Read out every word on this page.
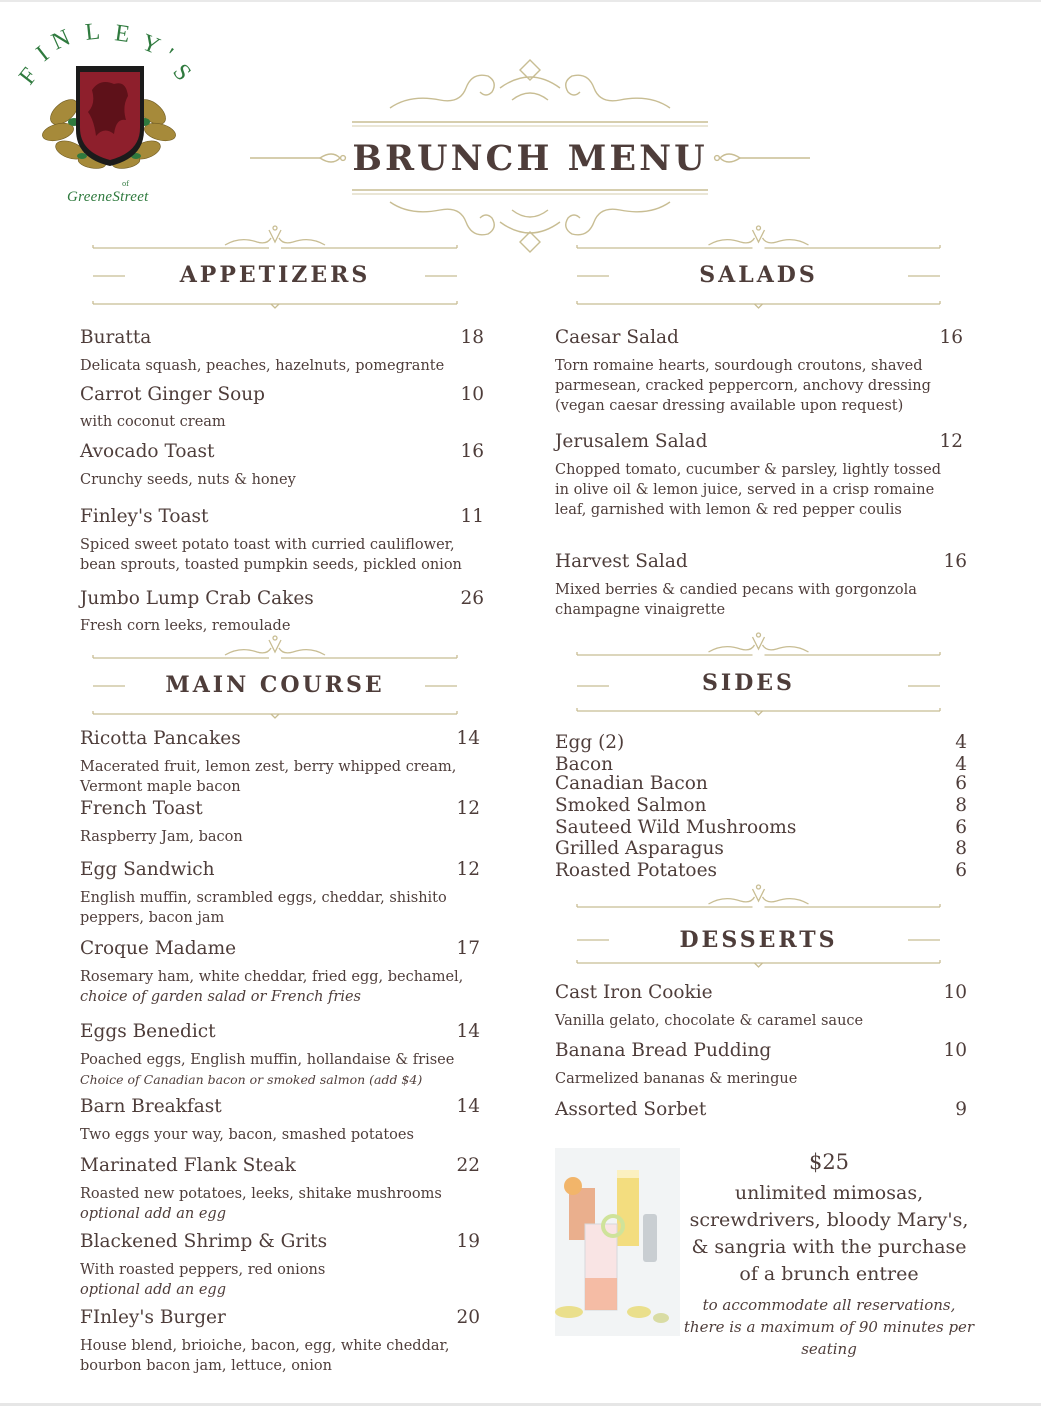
F
I
N L E Y
'
S
of
GreeneStreet
BRUNCH MENU
APPETIZERS
Buratta	18
Delicata squash, peaches, hazelnuts, pomegrante
Carrot Ginger Soup	10
with coconut cream
Avocado Toast	16
Crunchy seeds, nuts & honey
Finley's Toast	11
Spiced sweet potato toast with curried cauliflower, bean sprouts, toasted pumpkin seeds, pickled onion
Jumbo Lump Crab Cakes	26
Fresh corn leeks, remoulade
SALADS
Caesar Salad	16
Torn romaine hearts, sourdough croutons, shaved parmesean, cracked peppercorn, anchovy dressing (vegan caesar dressing available upon request)
Jerusalem Salad	12
Chopped tomato, cucumber & parsley, lightly tossed in olive oil & lemon juice, served in a crisp romaine leaf, garnished with lemon & red pepper coulis
Harvest Salad	16
Mixed berries & candied pecans with gorgonzola champagne vinaigrette
MAIN COURSE
Ricotta Pancakes	14
Macerated fruit, lemon zest, berry whipped cream, Vermont maple bacon
French Toast	12
Raspberry Jam, bacon
Egg Sandwich	12
English muffin, scrambled eggs, cheddar, shishito peppers, bacon jam
Croque Madame	17
Rosemary ham, white cheddar, fried egg, bechamel,
choice of garden salad or French fries
Eggs Benedict	14
Poached eggs, English muffin, hollandaise & frisee
Choice of Canadian bacon or smoked salmon (add $4)
Barn Breakfast	14
Two eggs your way, bacon, smashed potatoes
Marinated Flank Steak	22
Roasted new potatoes, leeks, shitake mushrooms
optional add an egg
Blackened Shrimp & Grits	19
With roasted peppers, red onions
optional add an egg
FInley's Burger	20
House blend, brioiche, bacon, egg, white cheddar, bourbon bacon jam, lettuce, onion
SIDES
Egg (2)	4
Bacon	4
Canadian Bacon	6
Smoked Salmon	8
Sauteed Wild Mushrooms	6
Grilled Asparagus	8
Roasted Potatoes	6
DESSERTS
Cast Iron Cookie	10
Vanilla gelato, chocolate & caramel sauce
Banana Bread Pudding	10
Carmelized bananas & meringue
Assorted Sorbet	9
$25
unlimited mimosas, screwdrivers, bloody Mary's, & sangria with the purchase of a brunch entree
to accommodate all reservations, there is a maximum of 90 minutes per seating
